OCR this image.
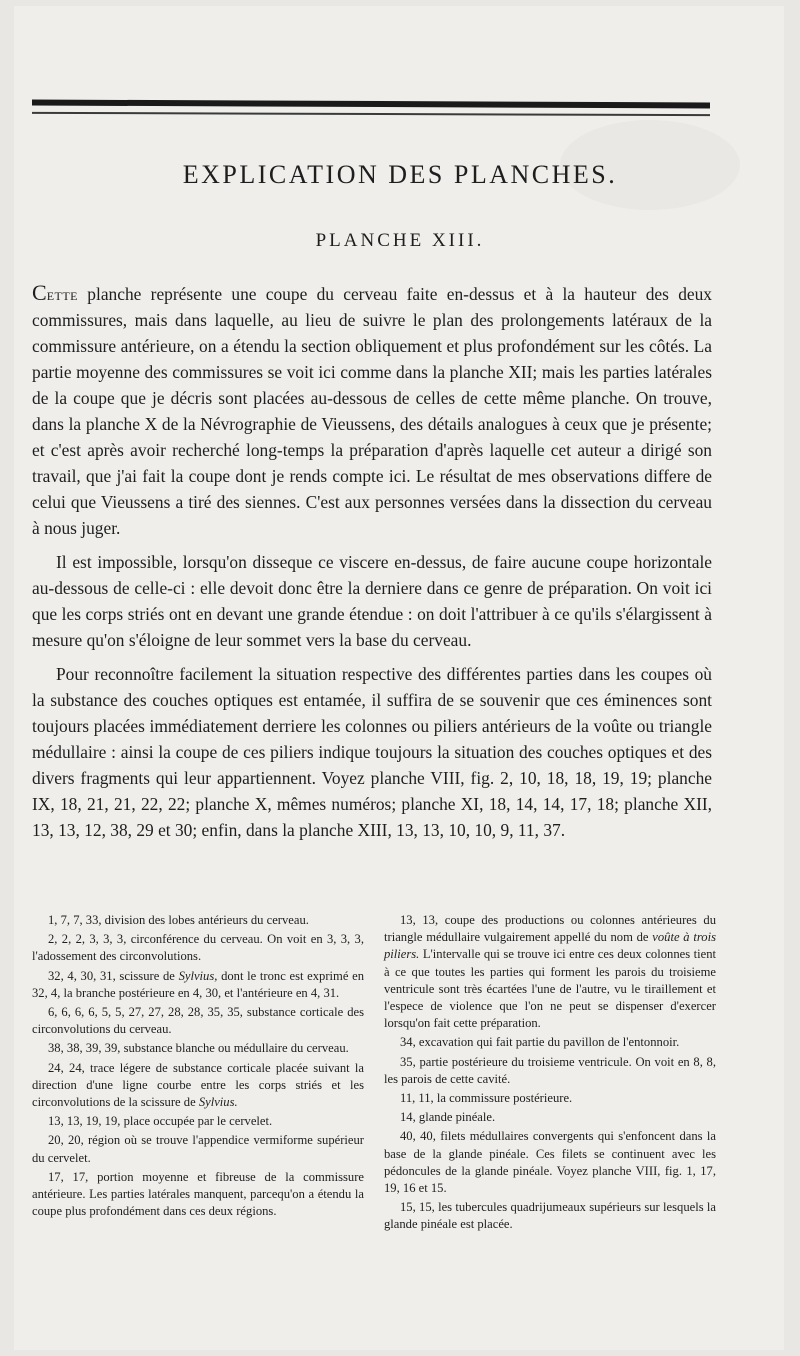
EXPLICATION DES PLANCHES.
PLANCHE XIII.

Cette planche représente une coupe du cerveau faite en-dessus et à la hauteur des deux commissures, mais dans laquelle, au lieu de suivre le plan des prolongements latéraux de la commissure antérieure, on a étendu la section obliquement et plus profondément sur les côtés. La partie moyenne des commissures se voit ici comme dans la planche XII; mais les parties latérales de la coupe que je décris sont placées au-dessous de celles de cette même planche. On trouve, dans la planche X de la Névrographie de Vieussens, des détails analogues à ceux que je présente; et c'est après avoir recherché long-temps la préparation d'après laquelle cet auteur a dirigé son travail, que j'ai fait la coupe dont je rends compte ici. Le résultat de mes observations differe de celui que Vieussens a tiré des siennes. C'est aux personnes versées dans la dissection du cerveau à nous juger.

Il est impossible, lorsqu'on disseque ce viscere en-dessus, de faire aucune coupe horizontale au-dessous de celle-ci : elle devoit donc être la derniere dans ce genre de préparation. On voit ici que les corps striés ont en devant une grande étendue : on doit l'attribuer à ce qu'ils s'élargissent à mesure qu'on s'éloigne de leur sommet vers la base du cerveau.

Pour reconnoître facilement la situation respective des différentes parties dans les coupes où la substance des couches optiques est entamée, il suffira de se souvenir que ces éminences sont toujours placées immédiatement derriere les colonnes ou piliers antérieurs de la voûte ou triangle médullaire : ainsi la coupe de ces piliers indique toujours la situation des couches optiques et des divers fragments qui leur appartiennent. Voyez planche VIII, fig. 2, 10, 18, 18, 19, 19; planche IX, 18, 21, 21, 22, 22; planche X, mêmes numéros; planche XI, 18, 14, 14, 17, 18; planche XII, 13, 13, 12, 38, 29 et 30; enfin, dans la planche XIII, 13, 13, 10, 10, 9, 11, 37.

1, 7, 7, 33, division des lobes antérieurs du cerveau.

2, 2, 2, 3, 3, 3, circonférence du cerveau. On voit en 3, 3, 3, l'adossement des circonvolutions.

32, 4, 30, 31, scissure de Sylvius, dont le tronc est exprimé en 32, 4, la branche postérieure en 4, 30, et l'antérieure en 4, 31.

6, 6, 6, 6, 5, 5, 27, 27, 28, 28, 35, 35, substance corticale des circonvolutions du cerveau.

38, 38, 39, 39, substance blanche ou médullaire du cerveau.

24, 24, trace légere de substance corticale placée suivant la direction d'une ligne courbe entre les corps striés et les circonvolutions de la scissure de Sylvius.

13, 13, 19, 19, place occupée par le cervelet.

20, 20, région où se trouve l'appendice vermiforme supérieur du cervelet.

17, 17, portion moyenne et fibreuse de la commissure antérieure. Les parties latérales manquent, parcequ'on a étendu la coupe plus profondément dans ces deux régions.

13, 13, coupe des productions ou colonnes antérieures du triangle médullaire vulgairement appellé du nom de voûte à trois piliers. L'intervalle qui se trouve ici entre ces deux colonnes tient à ce que toutes les parties qui forment les parois du troisieme ventricule sont très écartées l'une de l'autre, vu le tiraillement et l'espece de violence que l'on ne peut se dispenser d'exercer lorsqu'on fait cette préparation.

34, excavation qui fait partie du pavillon de l'entonnoir.

35, partie postérieure du troisieme ventricule. On voit en 8, 8, les parois de cette cavité.

11, 11, la commissure postérieure.

14, glande pinéale.

40, 40, filets médullaires convergents qui s'enfoncent dans la base de la glande pinéale. Ces filets se continuent avec les pédoncules de la glande pinéale. Voyez planche VIII, fig. 1, 17, 19, 16 et 15.

15, 15, les tubercules quadrijumeaux supérieurs sur lesquels la glande pinéale est placée.
